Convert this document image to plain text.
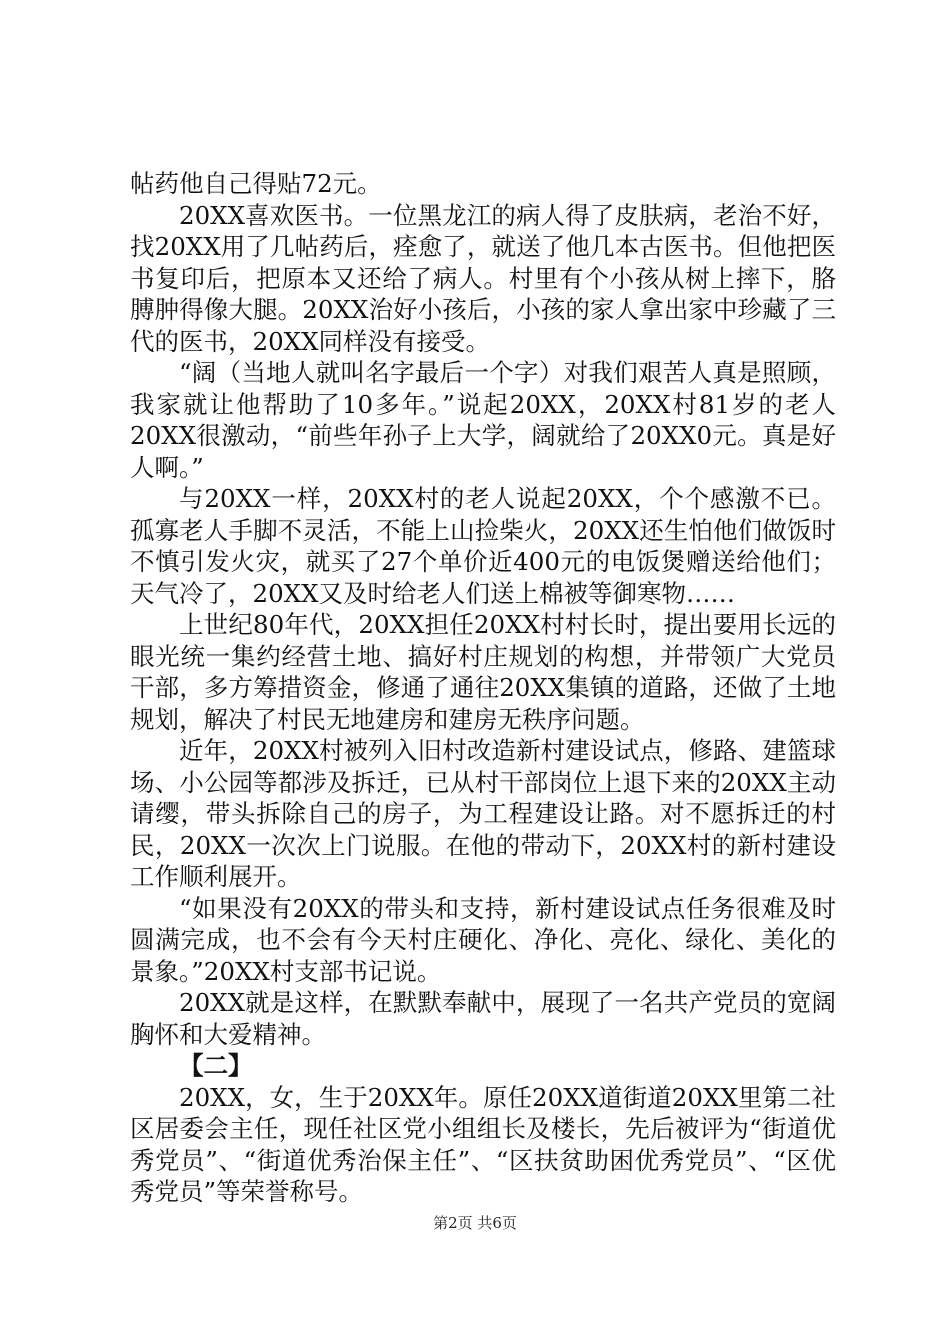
帖药他自己得贴72元。

20XX喜欢医书。一位黑龙江的病人得了皮肤病，老治不好，找20XX用了几帖药后，痊愈了，就送了他几本古医书。但他把医书复印后，把原本又还给了病人。村里有个小孩从树上摔下，胳膊肿得像大腿。20XX治好小孩后，小孩的家人拿出家中珍藏了三代的医书，20XX同样没有接受。

“阔（当地人就叫名字最后一个字）对我们艰苦人真是照顾，我家就让他帮助了10多年。”说起20XX，20XX村81岁的老人20XX很激动，“前些年孙子上大学，阔就给了20XX0元。真是好人啊。”

与20XX一样，20XX村的老人说起20XX，个个感激不已。孤寡老人手脚不灵活，不能上山捡柴火，20XX还生怕他们做饭时不慎引发火灾，就买了27个单价近400元的电饭煲赠送给他们；天气冷了，20XX又及时给老人们送上棉被等御寒物……

上世纪80年代，20XX担任20XX村村长时，提出要用长远的眼光统一集约经营土地、搞好村庄规划的构想，并带领广大党员干部，多方筹措资金，修通了通往20XX集镇的道路，还做了土地规划，解决了村民无地建房和建房无秩序问题。

近年，20XX村被列入旧村改造新村建设试点，修路、建篮球场、小公园等都涉及拆迁，已从村干部岗位上退下来的20XX主动请缨，带头拆除自己的房子，为工程建设让路。对不愿拆迁的村民，20XX一次次上门说服。在他的带动下，20XX村的新村建设工作顺利展开。

“如果没有20XX的带头和支持，新村建设试点任务很难及时圆满完成，也不会有今天村庄硬化、净化、亮化、绿化、美化的景象。”20XX村支部书记说。

20XX就是这样，在默默奉献中，展现了一名共产党员的宽阔胸怀和大爱精神。

【二】

20XX，女，生于20XX年。原任20XX道街道20XX里第二社区居委会主任，现任社区党小组组长及楼长，先后被评为“街道优秀党员”、“街道优秀治保主任”、“区扶贫助困优秀党员”、“区优秀党员”等荣誉称号。

第2页 共6页
